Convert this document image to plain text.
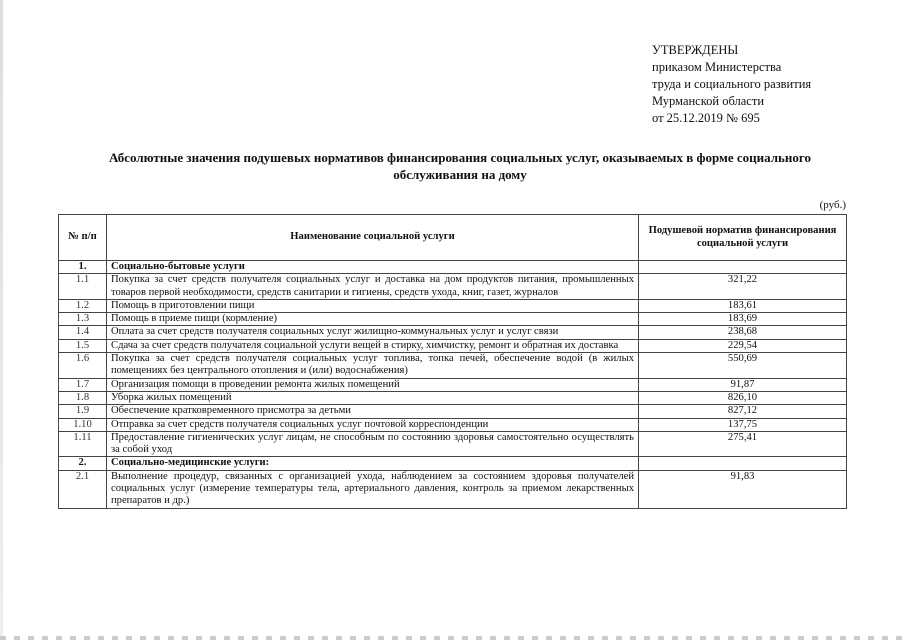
УТВЕРЖДЕНЫ
приказом Министерства
труда и социального развития
Мурманской области
от 25.12.2019 № 695
Абсолютные значения подушевых нормативов финансирования социальных услуг, оказываемых в форме социального обслуживания на дому
(руб.)
№ п/п	Наименование социальной услуги	Подушевой норматив финансирования социальной услуги
1.	Социально-бытовые услуги	
1.1	Покупка за счет средств получателя социальных услуг и доставка на дом продуктов питания, промышленных товаров первой необходимости, средств санитарии и гигиены, средств ухода, книг, газет, журналов	321,22
1.2	Помощь в приготовлении пищи	183,61
1.3	Помощь в приеме пищи (кормление)	183,69
1.4	Оплата за счет средств получателя социальных услуг жилищно-коммунальных услуг и услуг связи	238,68
1.5	Сдача за счет средств получателя социальной услуги вещей в стирку, химчистку, ремонт и обратная их доставка	229,54
1.6	Покупка за счет средств получателя социальных услуг топлива, топка печей, обеспечение водой (в жилых помещениях без центрального отопления и (или) водоснабжения)	550,69
1.7	Организация помощи в проведении ремонта жилых помещений	91,87
1.8	Уборка жилых помещений	826,10
1.9	Обеспечение кратковременного присмотра за детьми	827,12
1.10	Отправка за счет средств получателя социальных услуг почтовой корреспонденции	137,75
1.11	Предоставление гигиенических услуг лицам, не способным по состоянию здоровья самостоятельно осуществлять за собой уход	275,41
2.	Социально-медицинские услуги:	
2.1	Выполнение процедур, связанных с организацией ухода, наблюдением за состоянием здоровья получателей социальных услуг (измерение температуры тела, артериального давления, контроль за приемом лекарственных препаратов и др.)	91,83
